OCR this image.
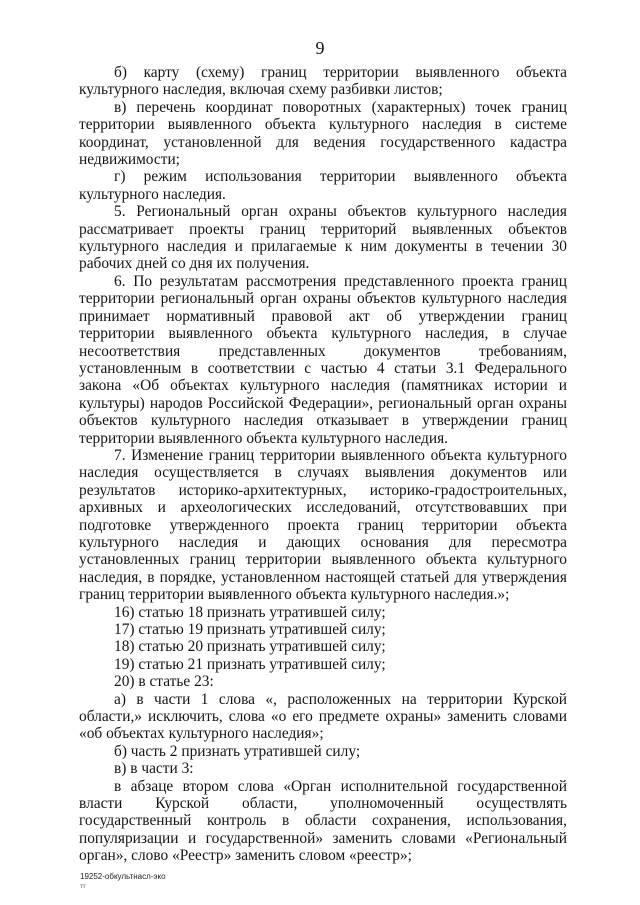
9

б) карту (схему) границ территории выявленного объекта культурного наследия, включая схему разбивки листов;

в) перечень координат поворотных (характерных) точек границ территории выявленного объекта культурного наследия в системе координат, установленной для ведения государственного кадастра недвижимости;

г) режим использования территории выявленного объекта культурного наследия.

5. Региональный орган охраны объектов культурного наследия рассматривает проекты границ территорий выявленных объектов культурного наследия и прилагаемые к ним документы в течении 30 рабочих дней со дня их получения.

6. По результатам рассмотрения представленного проекта границ территории региональный орган охраны объектов культурного наследия принимает нормативный правовой акт об утверждении границ территории выявленного объекта культурного наследия, в случае несоответствия представленных документов требованиям, установленным в соответствии с частью 4 статьи 3.1 Федерального закона «Об объектах культурного наследия (памятниках истории и культуры) народов Российской Федерации», региональный орган охраны объектов культурного наследия отказывает в утверждении границ территории выявленного объекта культурного наследия.

7. Изменение границ территории выявленного объекта культурного наследия осуществляется в случаях выявления документов или результатов историко-архитектурных, историко-градостроительных, архивных и археологических исследований, отсутствовавших при подготовке утвержденного проекта границ территории объекта культурного наследия и дающих основания для пересмотра установленных границ территории выявленного объекта культурного наследия, в порядке, установленном настоящей статьей для утверждения границ территории выявленного объекта культурного наследия.»;

16) статью 18 признать утратившей силу;

17) статью 19 признать утратившей силу;

18) статью 20 признать утратившей силу;

19) статью 21 признать утратившей силу;

20) в статье 23:

а) в части 1 слова «, расположенных на территории Курской области,» исключить, слова «о его предмете охраны» заменить словами «об объектах культурного наследия»;

б) часть 2 признать утратившей силу;

в) в части 3:

в абзаце втором слова «Орган исполнительной государственной власти Курской области, уполномоченный осуществлять государственный контроль в области сохранения, использования, популяризации и государственной» заменить словами «Региональный орган», слово «Реестр» заменить словом «реестр»;

19252-обкультнасл-эко
тт
